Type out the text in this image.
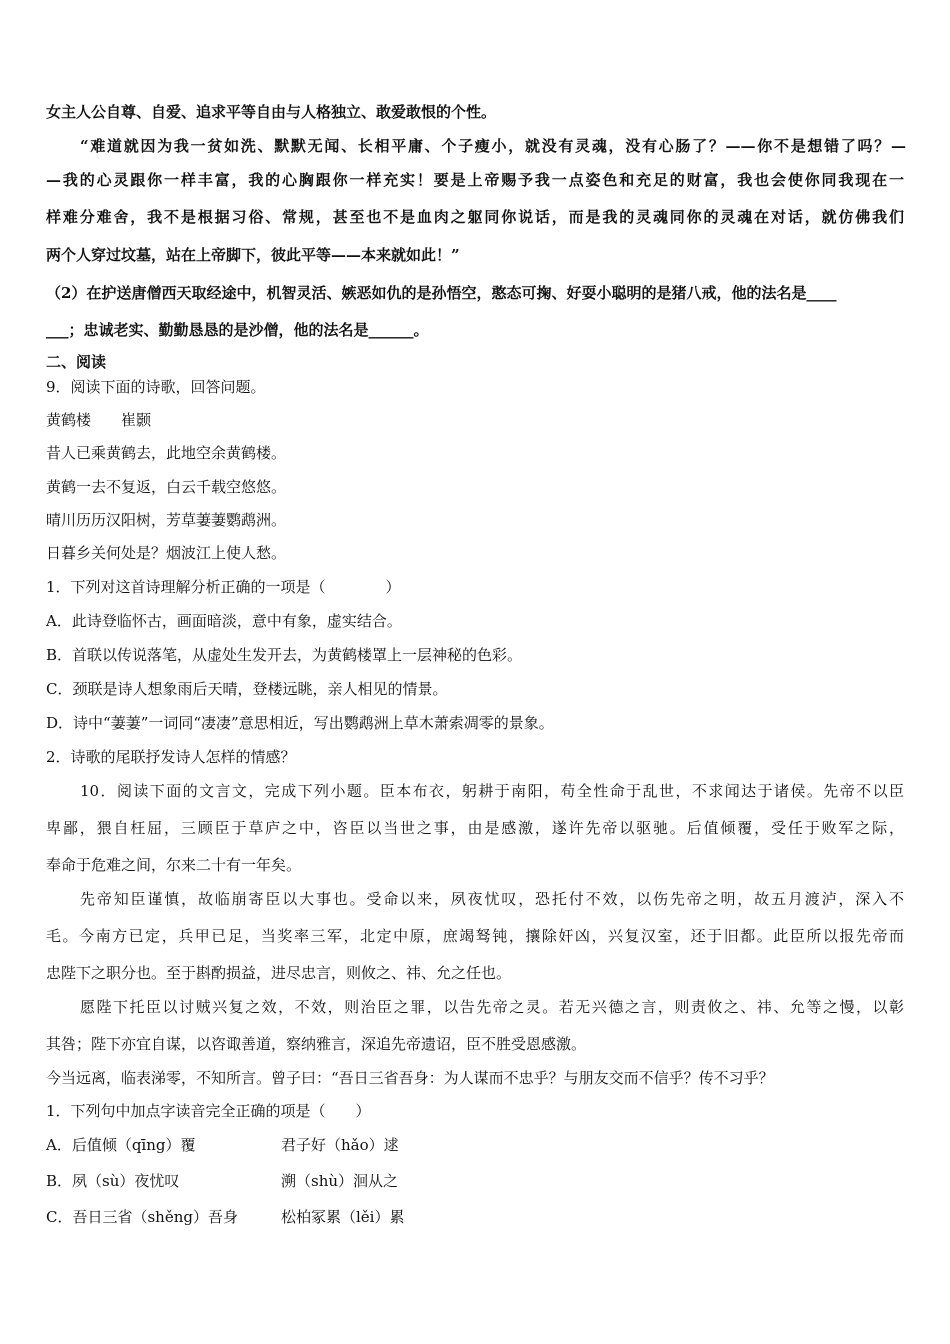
女主人公自尊、自爱、追求平等自由与人格独立、敢爱敢恨的个性。
“难道就因为我一贫如洗、默默无闻、长相平庸、个子瘦小，就没有灵魂，没有心肠了？——你不是想错了吗？—
—我的心灵跟你一样丰富，我的心胸跟你一样充实！要是上帝赐予我一点姿色和充足的财富，我也会使你同我现在一
样难分难舍，我不是根据习俗、常规，甚至也不是血肉之躯同你说话，而是我的灵魂同你的灵魂在对话，就仿佛我们
两个人穿过坟墓，站在上帝脚下，彼此平等——本来就如此！”
（2）在护送唐僧西天取经途中，机智灵活、嫉恶如仇的是孙悟空，憨态可掬、好耍小聪明的是猪八戒，他的法名是____
___；忠诚老实、勤勤恳恳的是沙僧，他的法名是______。
二、阅读
9．阅读下面的诗歌，回答问题。
黄鹤楼　　崔颢
昔人已乘黄鹤去，此地空余黄鹤楼。
黄鹤一去不复返，白云千载空悠悠。
晴川历历汉阳树，芳草萋萋鹦鹉洲。
日暮乡关何处是？烟波江上使人愁。
1．下列对这首诗理解分析正确的一项是（　　　　）
A．此诗登临怀古，画面暗淡，意中有象，虚实结合。
B．首联以传说落笔，从虚处生发开去，为黄鹤楼罩上一层神秘的色彩。
C．颈联是诗人想象雨后天晴，登楼远眺，亲人相见的情景。
D．诗中“萋萋”一词同“凄凄”意思相近，写出鹦鹉洲上草木萧索凋零的景象。
2．诗歌的尾联抒发诗人怎样的情感？
10．阅读下面的文言文，完成下列小题。臣本布衣，躬耕于南阳，苟全性命于乱世，不求闻达于诸侯。先帝不以臣
卑鄙，猥自枉屈，三顾臣于草庐之中，咨臣以当世之事，由是感激，遂许先帝以驱驰。后值倾覆，受任于败军之际，
奉命于危难之间，尔来二十有一年矣。
先帝知臣谨慎，故临崩寄臣以大事也。受命以来，夙夜忧叹，恐托付不效，以伤先帝之明，故五月渡泸，深入不
毛。今南方已定，兵甲已足，当奖率三军，北定中原，庶竭驽钝，攘除奸凶，兴复汉室，还于旧都。此臣所以报先帝而
忠陛下之职分也。至于斟酌损益，进尽忠言，则攸之、祎、允之任也。
愿陛下托臣以讨贼兴复之效，不效，则治臣之罪，以告先帝之灵。若无兴德之言，则责攸之、祎、允等之慢，以彰
其咎；陛下亦宜自谋，以咨诹善道，察纳雅言，深追先帝遗诏，臣不胜受恩感激。
今当远离，临表涕零，不知所言。曾子曰：“吾日三省吾身：为人谋而不忠乎？与朋友交而不信乎？传不习乎？
1．下列句中加点字读音完全正确的项是（　　）
A．后值倾（qīng）覆	君子好（hǎo）逑
B．夙（sù）夜忧叹	溯（shù）洄从之
C．吾日三省（shěng）吾身	松柏冢累（lěi）累
